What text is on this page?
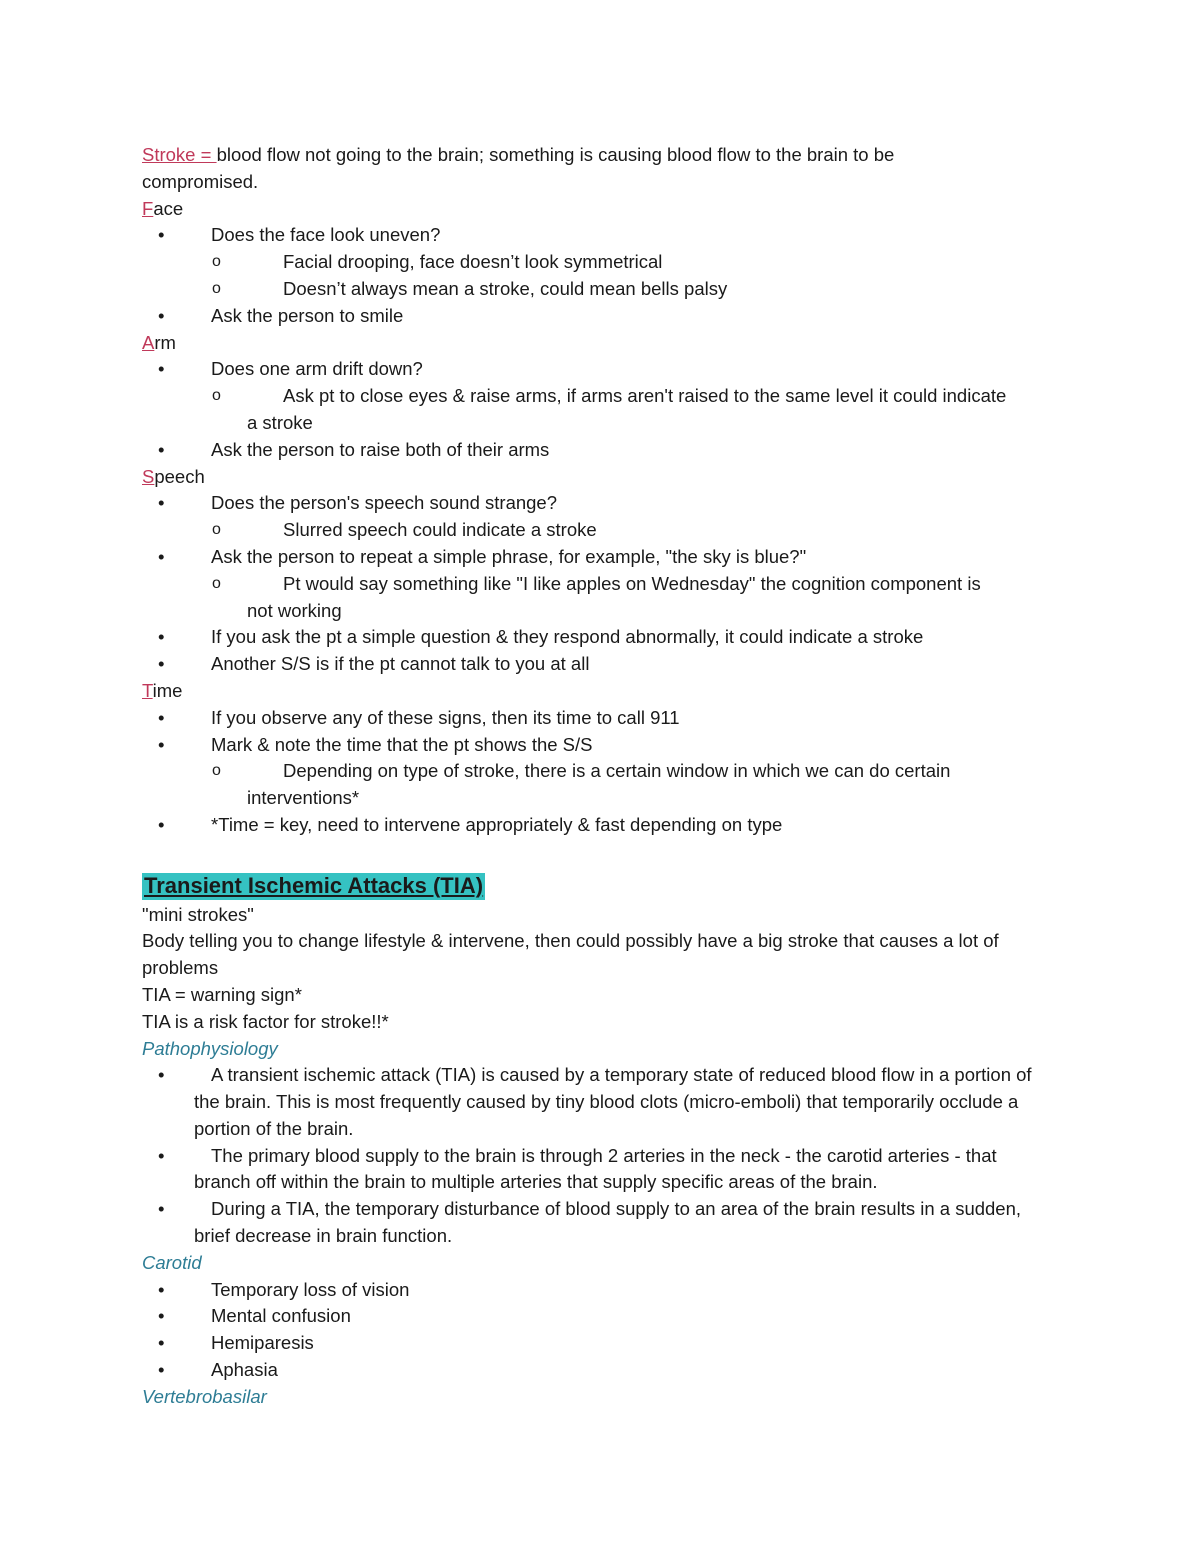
Stroke = blood flow not going to the brain; something is causing blood flow to the brain to be

compromised.

Face

•	Does the face look uneven?

o	Facial drooping, face doesn’t look symmetrical

o	Doesn’t always mean a stroke, could mean bells palsy

•	Ask the person to smile

Arm

•	Does one arm drift down?

o	Ask pt to close eyes & raise arms, if arms aren't raised to the same level it could indicate

a stroke

•	Ask the person to raise both of their arms

Speech

•	Does the person's speech sound strange?

o	Slurred speech could indicate a stroke

•	Ask the person to repeat a simple phrase, for example, "the sky is blue?"

o	Pt would say something like "I like apples on Wednesday" the cognition component is

not working

•	If you ask the pt a simple question & they respond abnormally, it could indicate a stroke

•	Another S/S is if the pt cannot talk to you at all

Time

•	If you observe any of these signs, then its time to call 911

•	Mark & note the time that the pt shows the S/S

o	Depending on type of stroke, there is a certain window in which we can do certain

interventions*

•	*Time = key, need to intervene appropriately & fast depending on type

Transient Ischemic Attacks (TIA)

"mini strokes"

Body telling you to change lifestyle & intervene, then could possibly have a big stroke that causes a lot of

problems

TIA = warning sign*

TIA is a risk factor for stroke!!*

Pathophysiology

•	A transient ischemic attack (TIA) is caused by a temporary state of reduced blood flow in a portion of the brain. This is most frequently caused by tiny blood clots (micro-emboli) that temporarily occlude a portion of the brain.

•	The primary blood supply to the brain is through 2 arteries in the neck - the carotid arteries - that branch off within the brain to multiple arteries that supply specific areas of the brain.

•	During a TIA, the temporary disturbance of blood supply to an area of the brain results in a sudden, brief decrease in brain function.

Carotid

•	Temporary loss of vision

•	Mental confusion

•	Hemiparesis

•	Aphasia

Vertebrobasilar
